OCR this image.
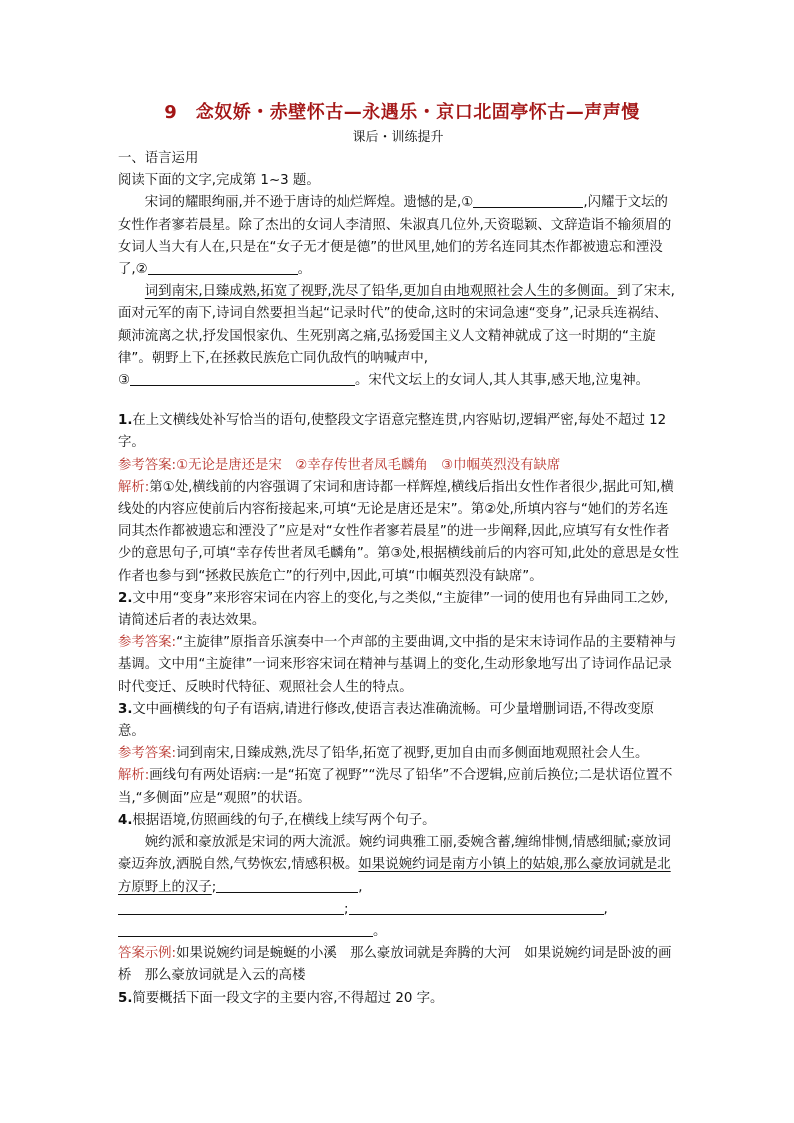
9　念奴娇・赤壁怀古—永遇乐・京口北固亭怀古—声声慢
课后・训练提升

一、语言运用

阅读下面的文字,完成第 1~3 题。

宋词的耀眼绚丽,并不逊于唐诗的灿烂辉煌。遗憾的是,①	,闪耀于文坛的女性作者寥若晨星。除了杰出的女词人李清照、朱淑真几位外,天资聪颖、文辞造诣不输须眉的女词人当大有人在,只是在“女子无才便是德”的世风里,她们的芳名连同其杰作都被遗忘和湮没了,②	。

词到南宋,日臻成熟,拓宽了视野,洗尽了铅华,更加自由地观照社会人生的多侧面。到了宋末,面对元军的南下,诗词自然要担当起“记录时代”的使命,这时的宋词急速“变身”,记录兵连祸结、颠沛流离之状,抒发国恨家仇、生死别离之痛,弘扬爱国主义人文精神就成了这一时期的“主旋律”。朝野上下,在拯救民族危亡同仇敌忾的呐喊声中,
③	。宋代文坛上的女词人,其人其事,感天地,泣鬼神。

1.在上文横线处补写恰当的语句,使整段文字语意完整连贯,内容贴切,逻辑严密,每处不超过 12 字。

参考答案:①无论是唐还是宋　②幸存传世者凤毛麟角　③巾帼英烈没有缺席

解析:第①处,横线前的内容强调了宋词和唐诗都一样辉煌,横线后指出女性作者很少,据此可知,横线处的内容应使前后内容衔接起来,可填“无论是唐还是宋”。第②处,所填内容与“她们的芳名连同其杰作都被遗忘和湮没了”应是对“女性作者寥若晨星”的进一步阐释,因此,应填写有女性作者少的意思句子,可填“幸存传世者凤毛麟角”。第③处,根据横线前后的内容可知,此处的意思是女性作者也参与到“拯救民族危亡”的行列中,因此,可填“巾帼英烈没有缺席”。

2.文中用“变身”来形容宋词在内容上的变化,与之类似,“主旋律”一词的使用也有异曲同工之妙,请简述后者的表达效果。

参考答案:“主旋律”原指音乐演奏中一个声部的主要曲调,文中指的是宋末诗词作品的主要精神与基调。文中用“主旋律”一词来形容宋词在精神与基调上的变化,生动形象地写出了诗词作品记录时代变迁、反映时代特征、观照社会人生的特点。

3.文中画横线的句子有语病,请进行修改,使语言表达准确流畅。可少量增删词语,不得改变原意。

参考答案:词到南宋,日臻成熟,洗尽了铅华,拓宽了视野,更加自由而多侧面地观照社会人生。

解析:画线句有两处语病:一是“拓宽了视野”“洗尽了铅华”不合逻辑,应前后换位;二是状语位置不当,“多侧面”应是“观照”的状语。

4.根据语境,仿照画线的句子,在横线上续写两个句子。

婉约派和豪放派是宋词的两大流派。婉约词典雅工丽,委婉含蓄,缠绵悱恻,情感细腻;豪放词豪迈奔放,洒脱自然,气势恢宏,情感积极。如果说婉约词是南方小镇上的姑娘,那么豪放词就是北方原野上的汉子;	,

;	,

。

答案示例:如果说婉约词是蜿蜒的小溪　那么豪放词就是奔腾的大河　如果说婉约词是卧波的画桥　那么豪放词就是入云的高楼

5.简要概括下面一段文字的主要内容,不得超过 20 字。
